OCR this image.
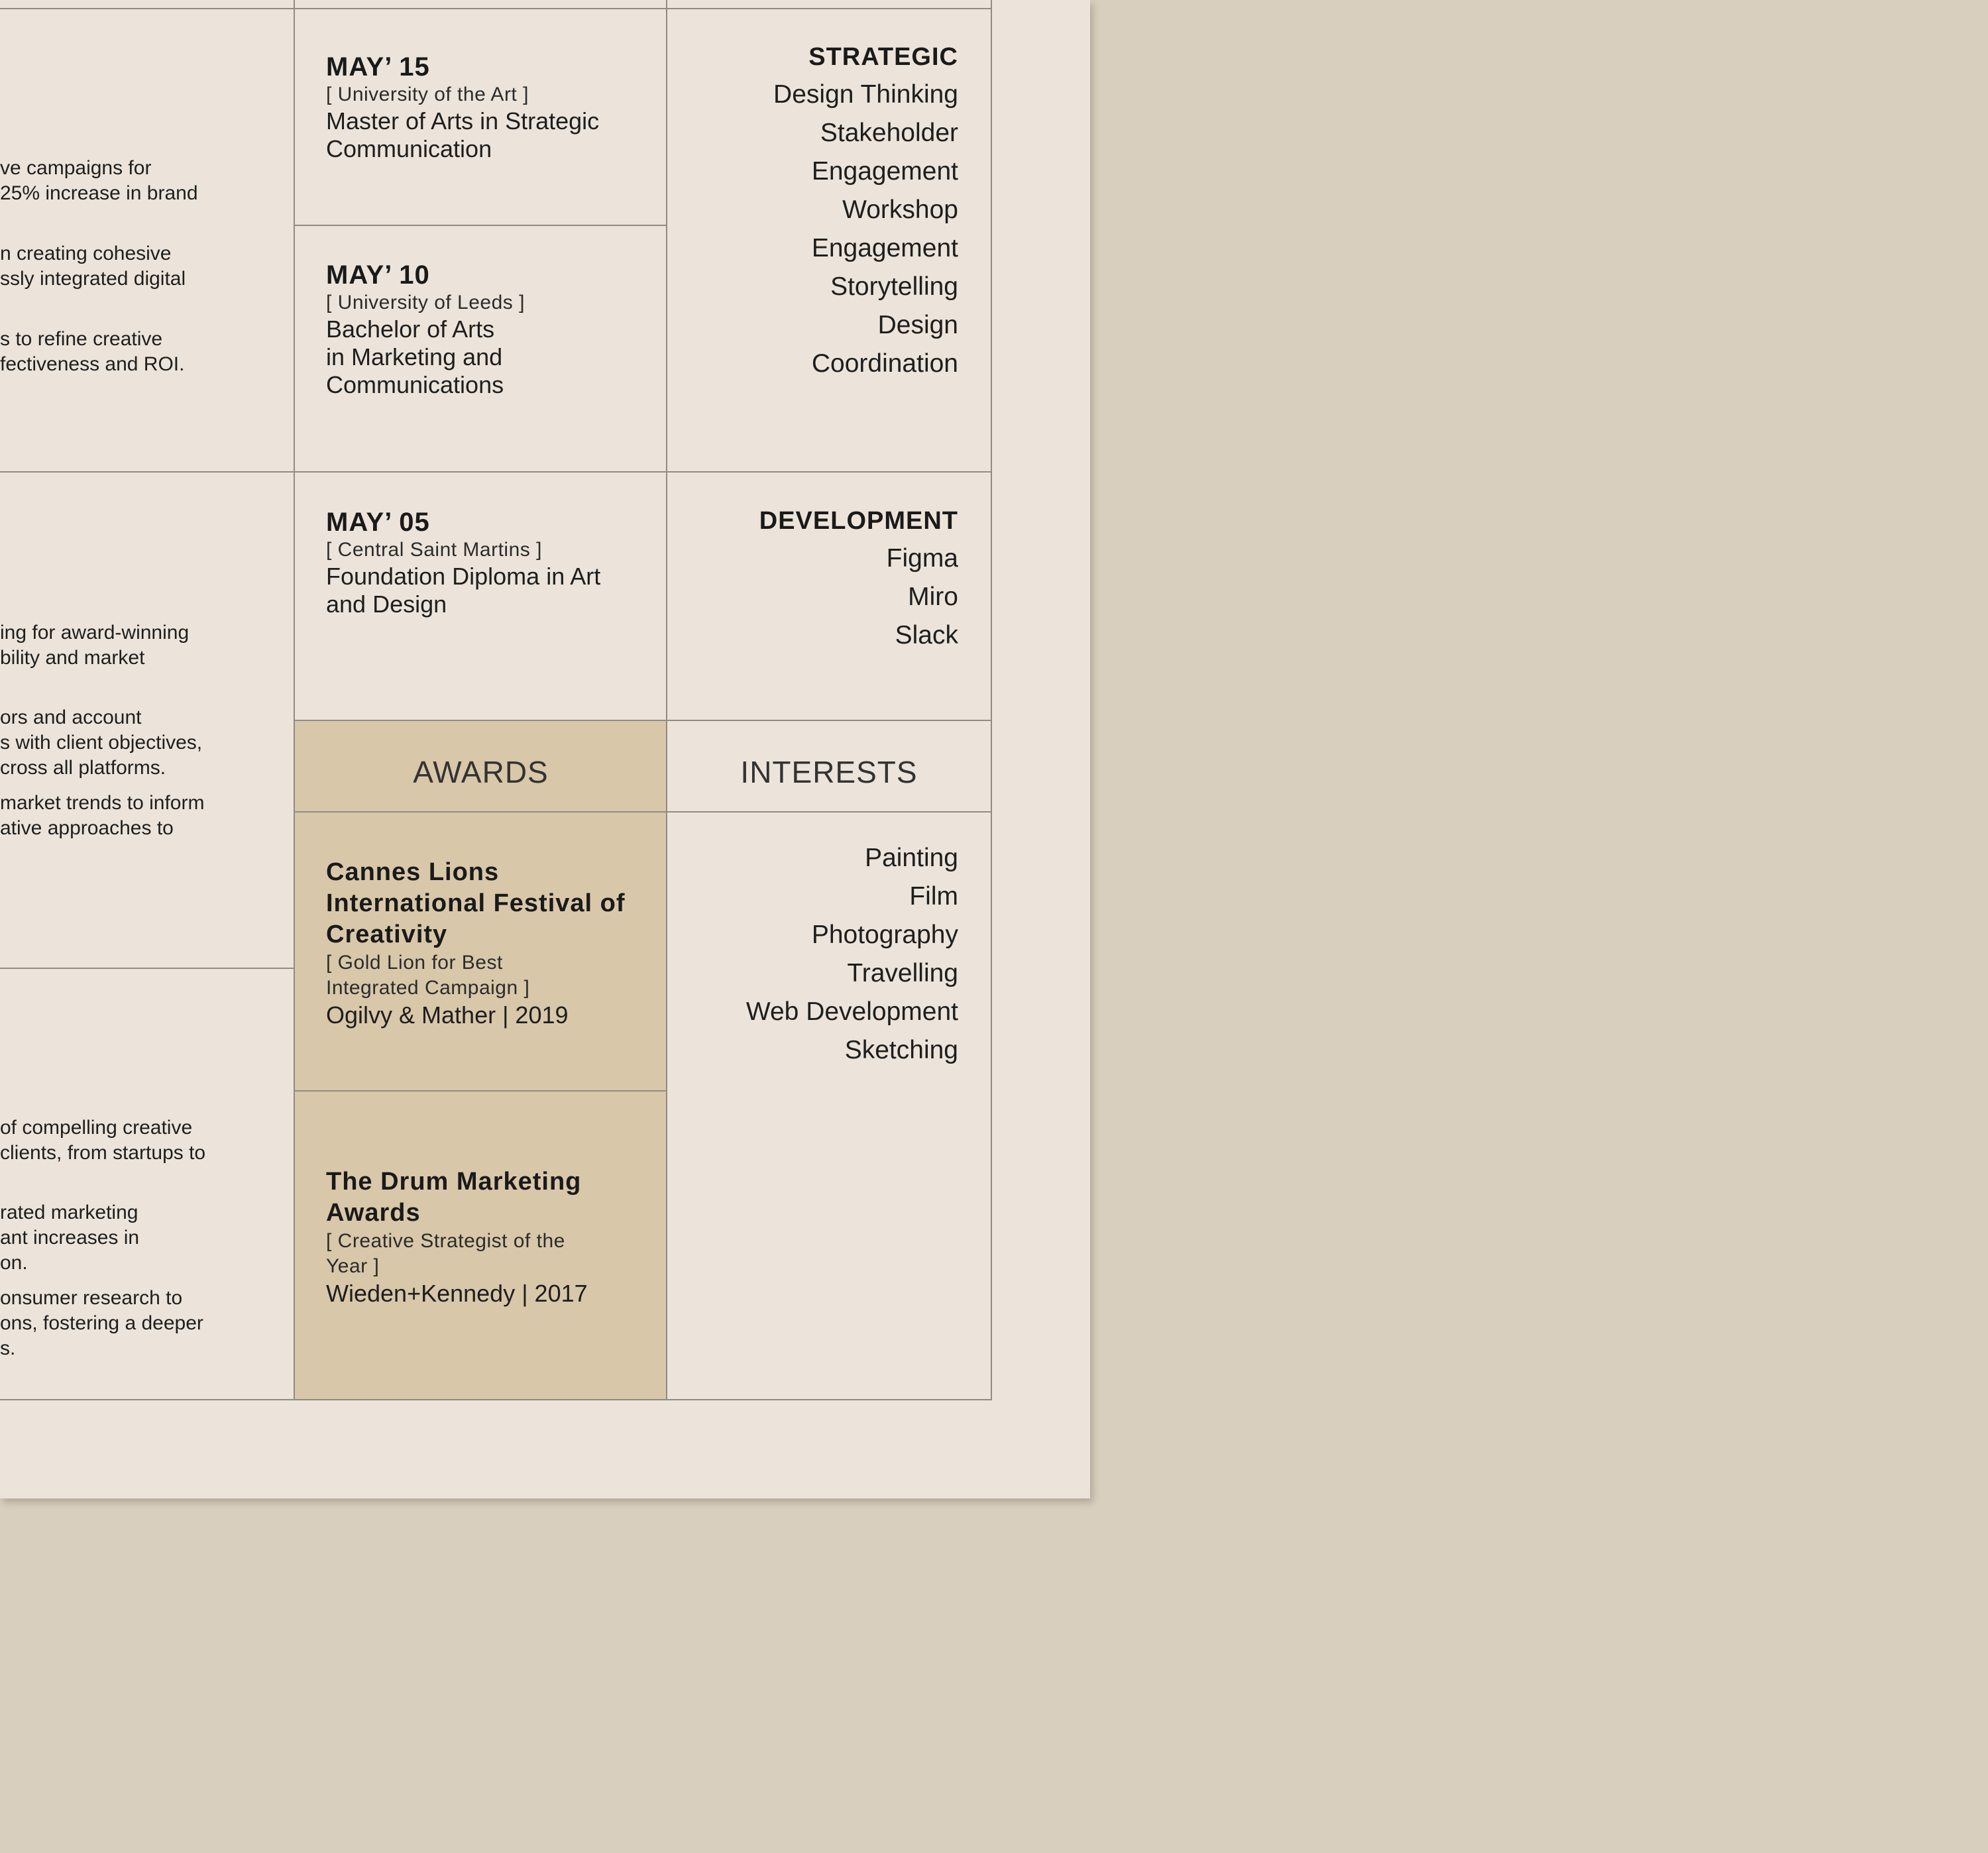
ve campaigns for
25% increase in brand
n creating cohesive
ssly integrated digital
s to refine creative
fectiveness and ROI.
ing for award-winning
bility and market
ors and account
s with client objectives,
cross all platforms.
market trends to inform
ative approaches to
of compelling creative
clients, from startups to
rated marketing
ant increases in
on.
onsumer research to
ons, fostering a deeper
s.
MAY’ 15
[ University of the Art ]
Master of Arts in Strategic
Communication
MAY’ 10
[ University of Leeds ]
Bachelor of Arts
in Marketing and
Communications
MAY’ 05
[ Central Saint Martins ]
Foundation Diploma in Art
and Design
STRATEGIC
Design Thinking
Stakeholder
Engagement
Workshop
Engagement
Storytelling
Design
Coordination
DEVELOPMENT
Figma
Miro
Slack
AWARDS	INTERESTS
Cannes Lions
International Festival of
Creativity
[ Gold Lion for Best
Integrated Campaign ]
Ogilvy & Mather | 2019
The Drum Marketing
Awards
[ Creative Strategist of the
Year ]
Wieden+Kennedy | 2017
Painting
Film
Photography
Travelling
Web Development
Sketching
